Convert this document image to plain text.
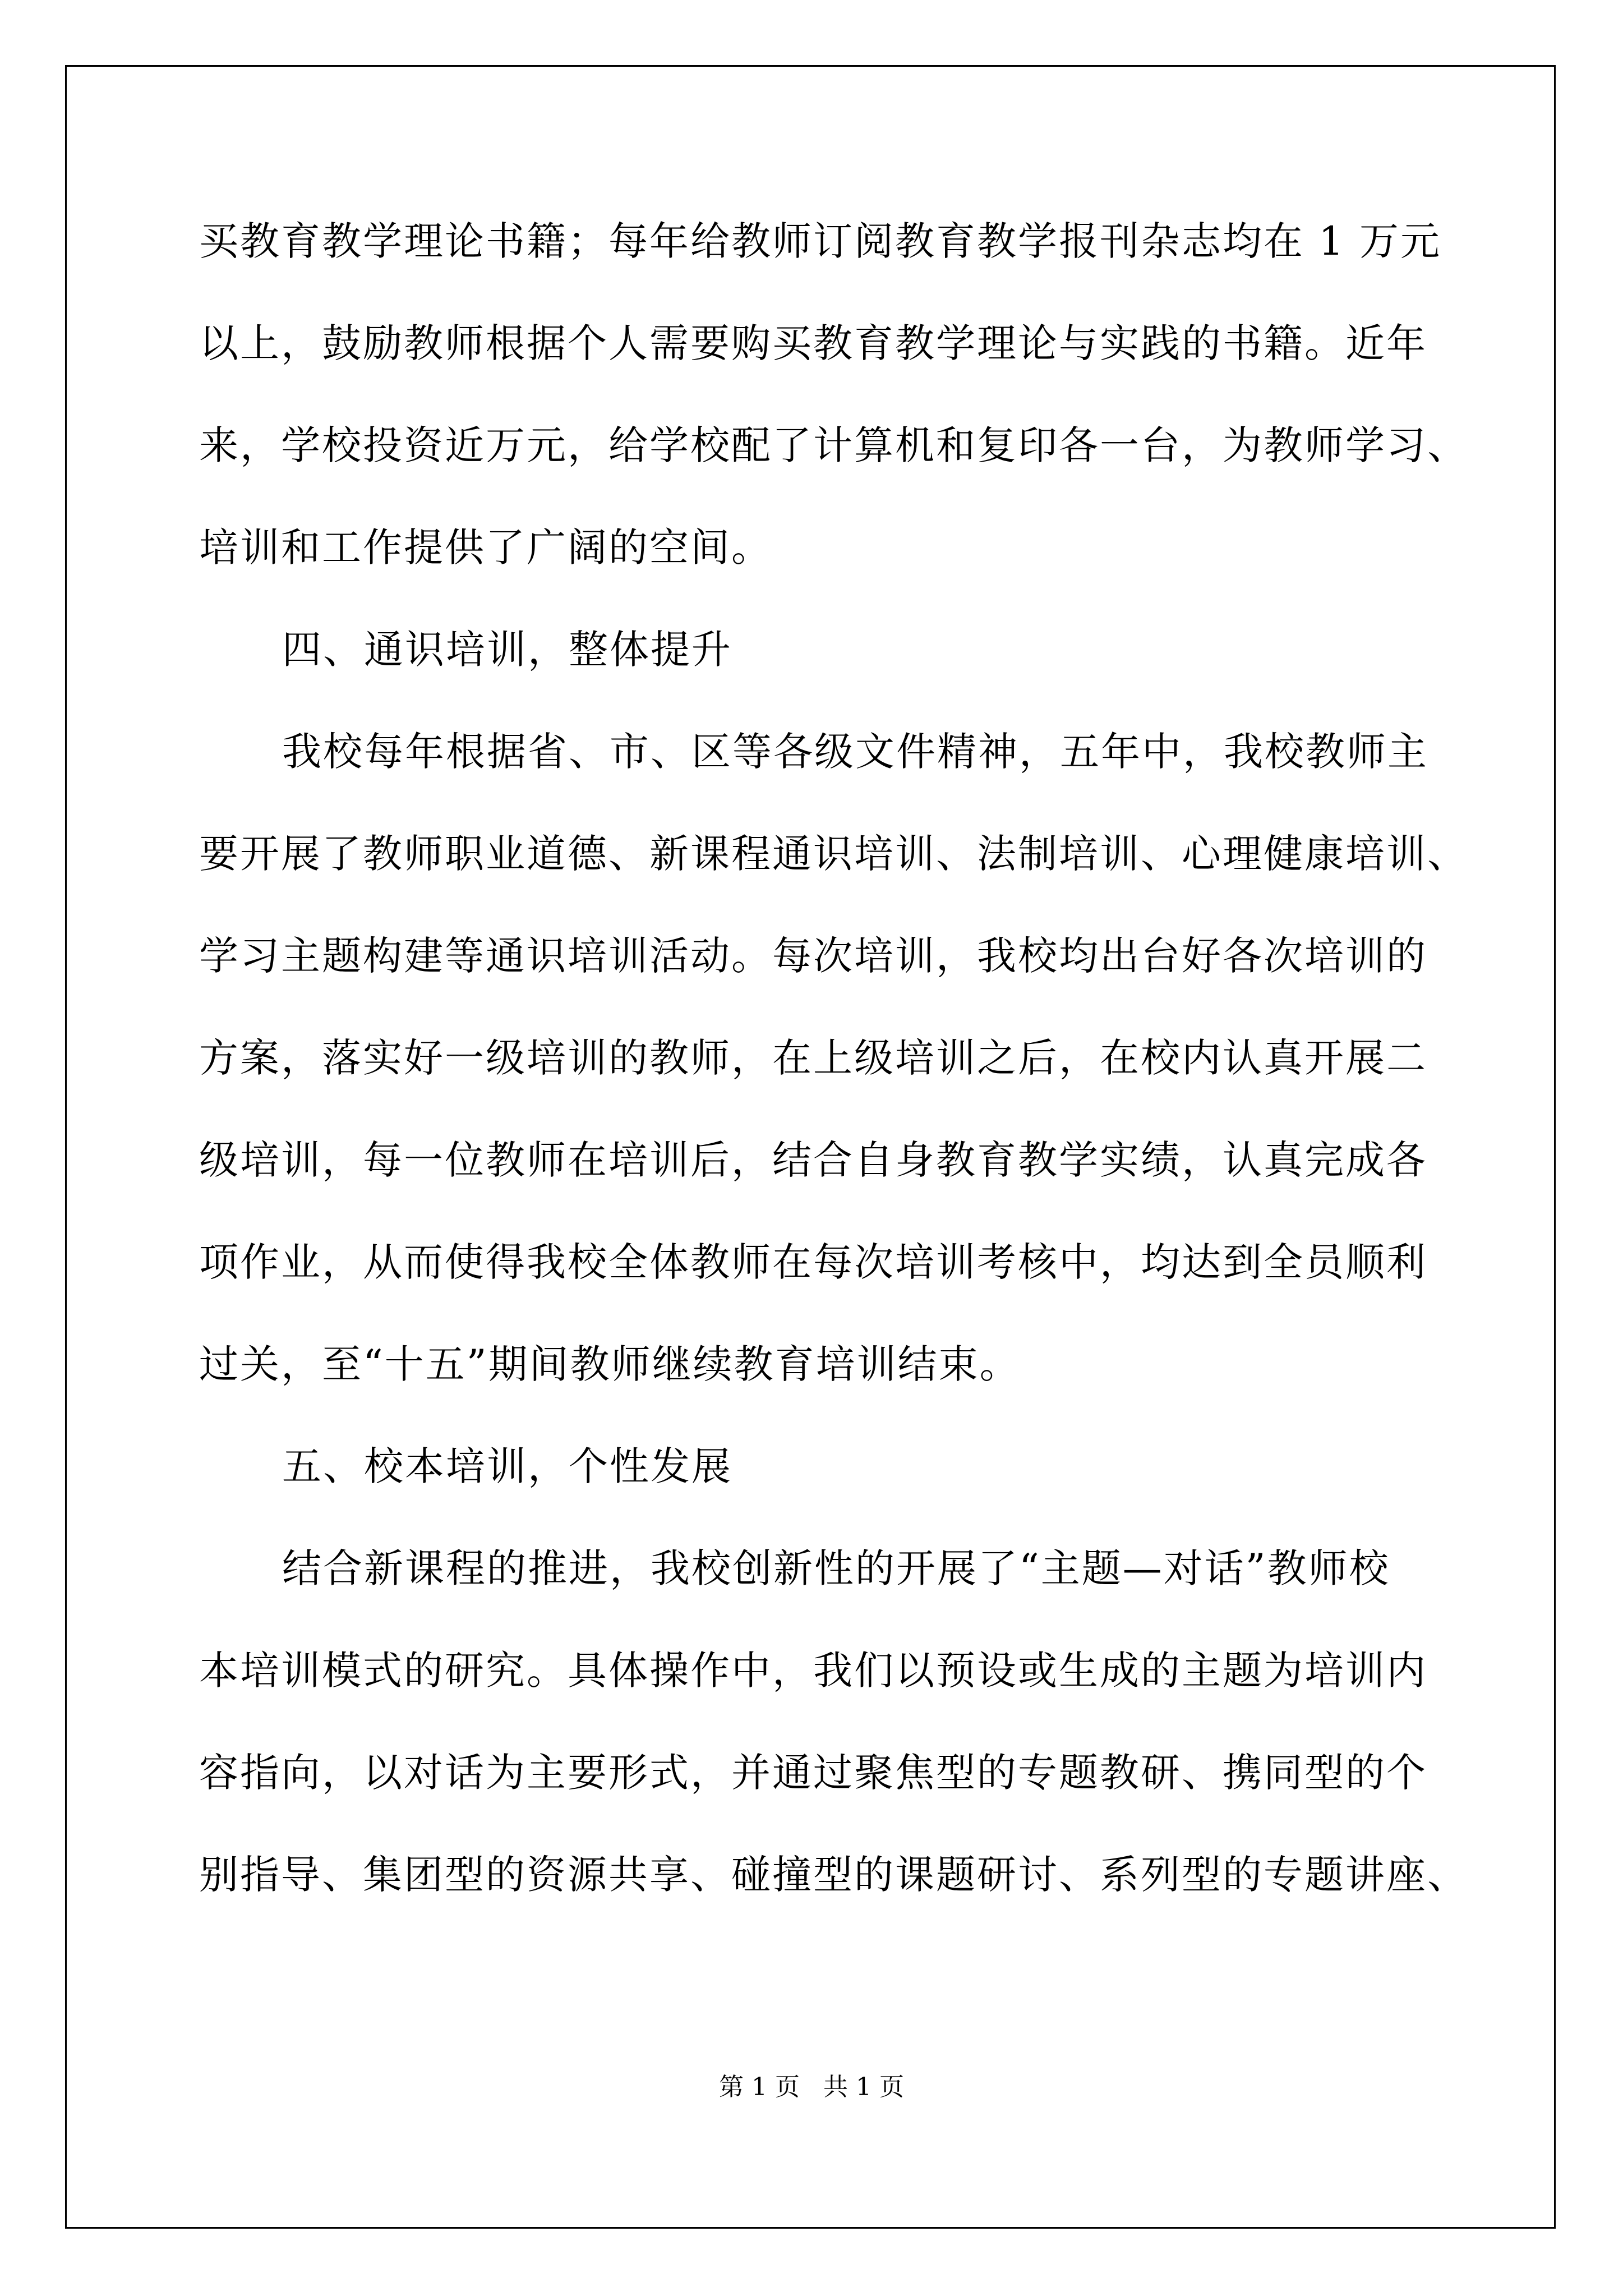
买教育教学理论书籍；每年给教师订阅教育教学报刊杂志均在 1 万元
以上，鼓励教师根据个人需要购买教育教学理论与实践的书籍。近年
来，学校投资近万元，给学校配了计算机和复印各一台，为教师学习、
培训和工作提供了广阔的空间。
四、通识培训，整体提升
我校每年根据省、市、区等各级文件精神，五年中，我校教师主
要开展了教师职业道德、新课程通识培训、法制培训、心理健康培训、
学习主题构建等通识培训活动。每次培训，我校均出台好各次培训的
方案，落实好一级培训的教师，在上级培训之后，在校内认真开展二
级培训，每一位教师在培训后，结合自身教育教学实绩，认真完成各
项作业，从而使得我校全体教师在每次培训考核中，均达到全员顺利
过关，至“十五”期间教师继续教育培训结束。
五、校本培训，个性发展
结合新课程的推进，我校创新性的开展了“主题—对话”教师校
本培训模式的研究。具体操作中，我们以预设或生成的主题为培训内
容指向，以对话为主要形式，并通过聚焦型的专题教研、携同型的个
别指导、集团型的资源共享、碰撞型的课题研讨、系列型的专题讲座、
第 1 页   共 1 页
